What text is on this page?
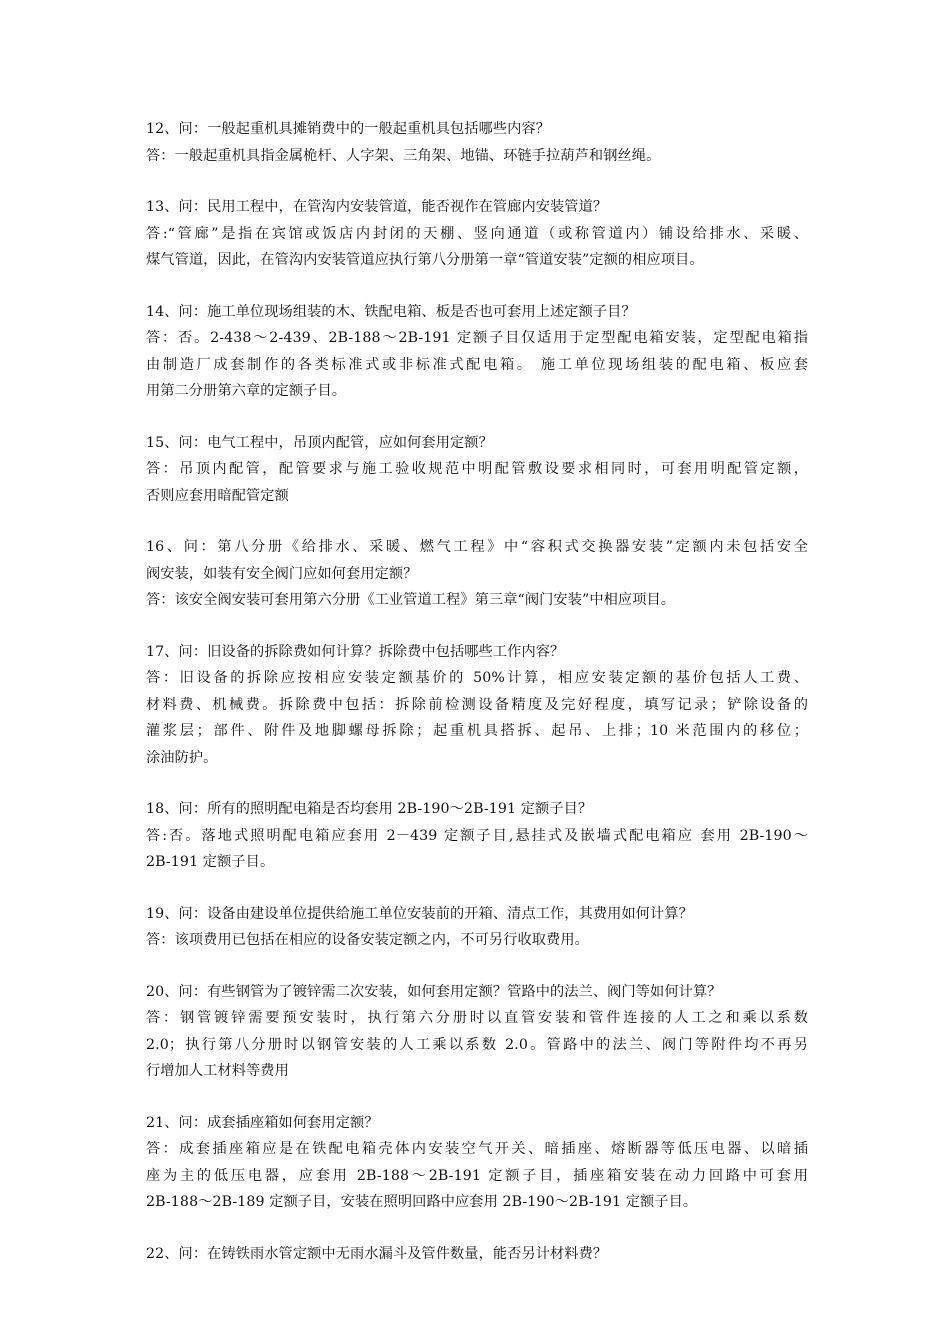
12、问：一般起重机具摊销费中的一般起重机具包括哪些内容？
答：一般起重机具指金属桅杆、人字架、三角架、地锚、环链手拉葫芦和钢丝绳。
13、问：民用工程中，在管沟内安装管道，能否视作在管廊内安装管道？
答:“管廊”是指在宾馆或饭店内封闭的天棚、竖向通道（或称管道内）铺设给排水、采暖、
煤气管道，因此，在管沟内安装管道应执行第八分册第一章“管道安装”定额的相应项目。
14、问：施工单位现场组装的木、铁配电箱、板是否也可套用上述定额子目？
答：否。2-438～2-439、2B-188～2B-191 定额子目仅适用于定型配电箱安装，定型配电箱指
由制造厂成套制作的各类标准式或非标准式配电箱。 施工单位现场组装的配电箱、板应套
用第二分册第六章的定额子目。
15、问：电气工程中，吊顶内配管，应如何套用定额？
答：吊顶内配管，配管要求与施工验收规范中明配管敷设要求相同时，可套用明配管定额，
否则应套用暗配管定额
16、问：第八分册《给排水、采暖、燃气工程》中“容积式交换器安装”定额内未包括安全
阀安装，如装有安全阀门应如何套用定额？
答：该安全阀安装可套用第六分册《工业管道工程》第三章“阀门安装”中相应项目。
17、问：旧设备的拆除费如何计算？拆除费中包括哪些工作内容？
答：旧设备的拆除应按相应安装定额基价的 50%计算，相应安装定额的基价包括人工费、
材料费、机械费。拆除费中包括：拆除前检测设备精度及完好程度，填写记录；铲除设备的
灌浆层；部件、附件及地脚螺母拆除；起重机具搭拆、起吊、上排；10 米范围内的移位；
涂油防护。
18、问：所有的照明配电箱是否均套用 2B-190～2B-191 定额子目？
答:否。落地式照明配电箱应套用 2－439 定额子目,悬挂式及嵌墙式配电箱应 套用 2B-190～
2B-191 定额子目。
19、问：设备由建设单位提供给施工单位安装前的开箱、清点工作，其费用如何计算？
答：该项费用已包括在相应的设备安装定额之内，不可另行收取费用。
20、问：有些钢管为了镀锌需二次安装，如何套用定额？管路中的法兰、阀门等如何计算？
答：钢管镀锌需要预安装时，执行第六分册时以直管安装和管件连接的人工之和乘以系数
2.0；执行第八分册时以钢管安装的人工乘以系数 2.0。管路中的法兰、阀门等附件均不再另
行增加人工材料等费用
21、问：成套插座箱如何套用定额？
答：成套插座箱应是在铁配电箱壳体内安装空气开关、暗插座、熔断器等低压电器、以暗插
座为主的低压电器，应套用 2B-188～2B-191 定额子目，插座箱安装在动力回路中可套用
2B-188～2B-189 定额子目，安装在照明回路中应套用 2B-190～2B-191 定额子目。
22、问：在铸铁雨水管定额中无雨水漏斗及管件数量，能否另计材料费？
